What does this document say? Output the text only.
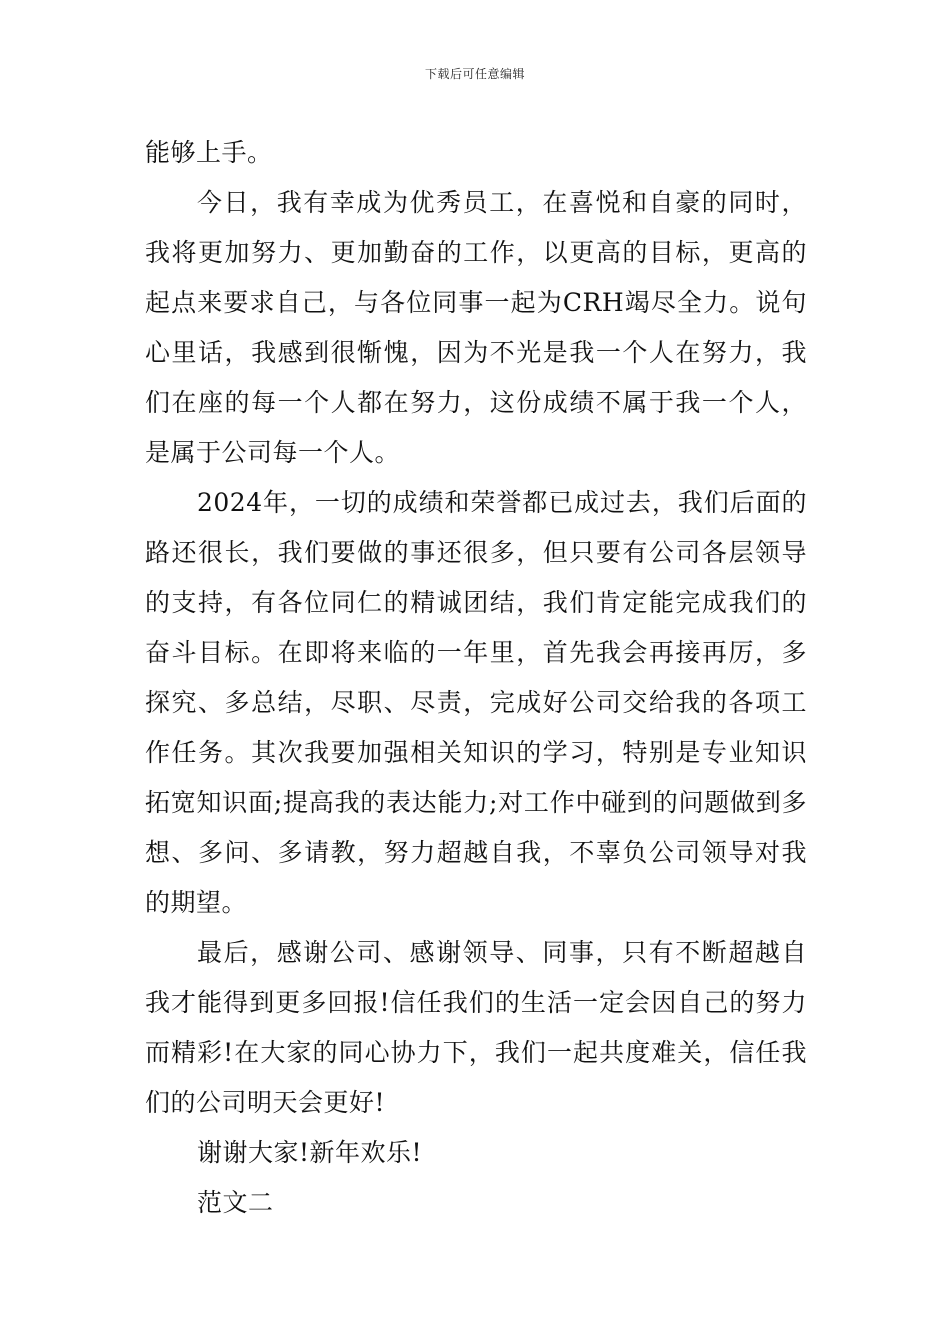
下载后可任意编辑

能够上手。

今日，我有幸成为优秀员工，在喜悦和自豪的同时，我将更加努力、更加勤奋的工作，以更高的目标，更高的起点来要求自己，与各位同事一起为CRH竭尽全力。说句心里话，我感到很惭愧，因为不光是我一个人在努力，我们在座的每一个人都在努力，这份成绩不属于我一个人，是属于公司每一个人。

2024年，一切的成绩和荣誉都已成过去，我们后面的路还很长，我们要做的事还很多，但只要有公司各层领导的支持，有各位同仁的精诚团结，我们肯定能完成我们的奋斗目标。在即将来临的一年里，首先我会再接再厉，多探究、多总结，尽职、尽责，完成好公司交给我的各项工作任务。其次我要加强相关知识的学习，特别是专业知识拓宽知识面;提高我的表达能力;对工作中碰到的问题做到多想、多问、多请教，努力超越自我，不辜负公司领导对我的期望。

最后，感谢公司、感谢领导、同事，只有不断超越自我才能得到更多回报!信任我们的生活一定会因自己的努力而精彩!在大家的同心协力下，我们一起共度难关，信任我们的公司明天会更好!

谢谢大家!新年欢乐!

范文二
